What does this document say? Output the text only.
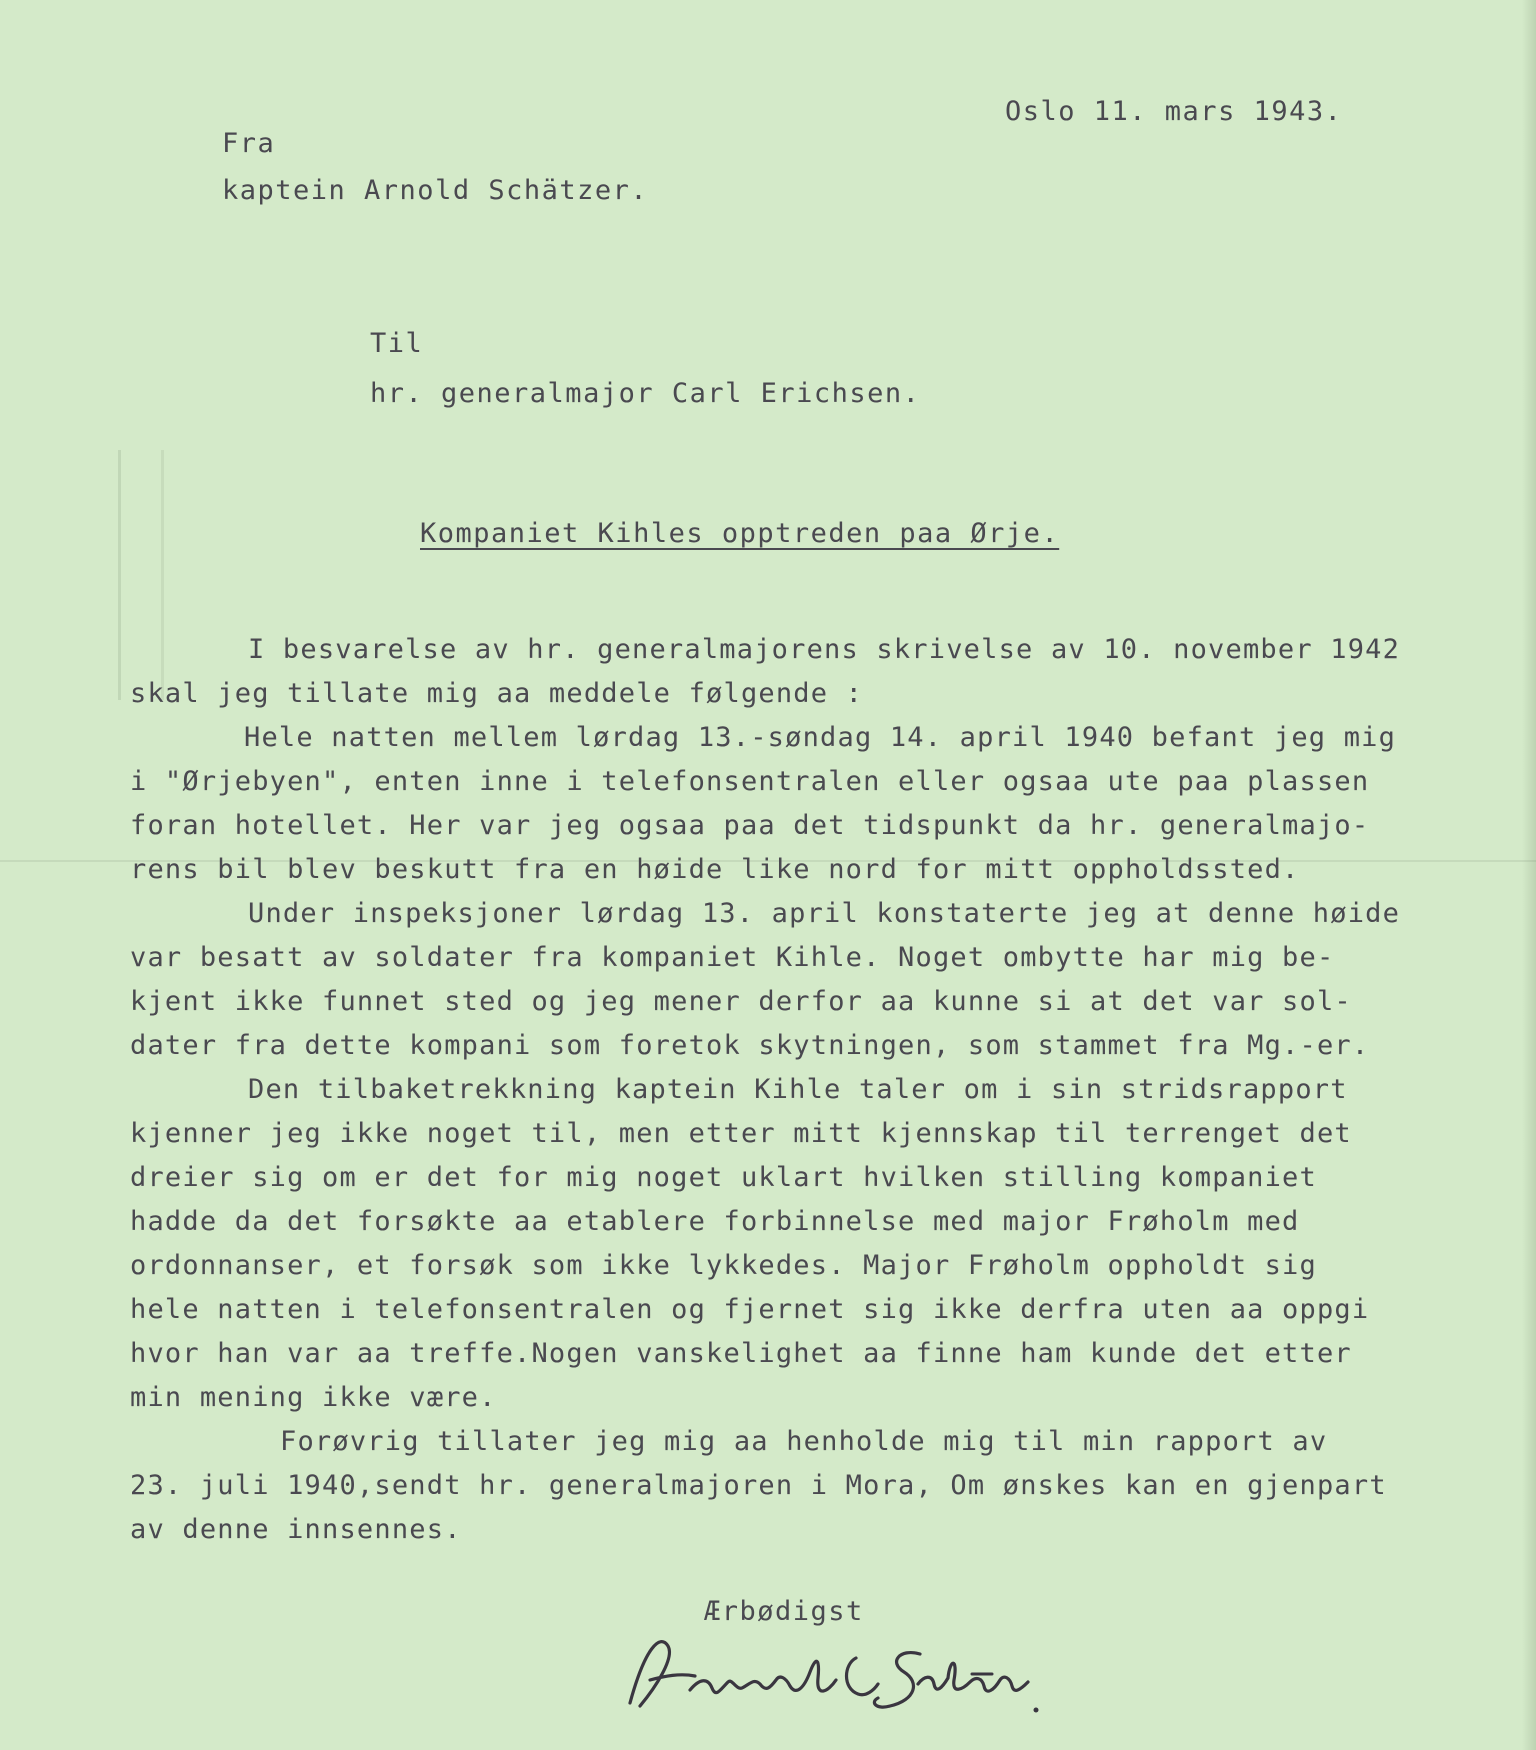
Oslo 11. mars 1943.
Fra
kaptein Arnold Schätzer.
Til
hr. generalmajor Carl Erichsen.
Kompaniet Kihles opptreden paa Ørje.
I besvarelse av hr. generalmajorens skrivelse av 10. november 1942
skal jeg tillate mig aa meddele følgende :
Hele natten mellem lørdag 13.-søndag 14. april 1940 befant jeg mig
i "Ørjebyen", enten inne i telefonsentralen eller ogsaa ute paa plassen
foran hotellet. Her var jeg ogsaa paa det tidspunkt da hr. generalmajo-
rens bil blev beskutt fra en høide like nord for mitt oppholdssted.
Under inspeksjoner lørdag 13. april konstaterte jeg at denne høide
var besatt av soldater fra kompaniet Kihle. Noget ombytte har mig be-
kjent ikke funnet sted og jeg mener derfor aa kunne si at det var sol-
dater fra dette kompani som foretok skytningen, som stammet fra Mg.-er.
Den tilbaketrekkning kaptein Kihle taler om i sin stridsrapport
kjenner jeg ikke noget til, men etter mitt kjennskap til terrenget det
dreier sig om er det for mig noget uklart hvilken stilling kompaniet
hadde da det forsøkte aa etablere forbinnelse med major Frøholm med
ordonnanser, et forsøk som ikke lykkedes. Major Frøholm oppholdt sig
hele natten i telefonsentralen og fjernet sig ikke derfra uten aa oppgi
hvor han var aa treffe.Nogen vanskelighet aa finne ham kunde det etter
min mening ikke være.
Forøvrig tillater jeg mig aa henholde mig til min rapport av
23. juli 1940,sendt hr. generalmajoren i Mora, Om ønskes kan en gjenpart
av denne innsennes.
Ærbødigst
